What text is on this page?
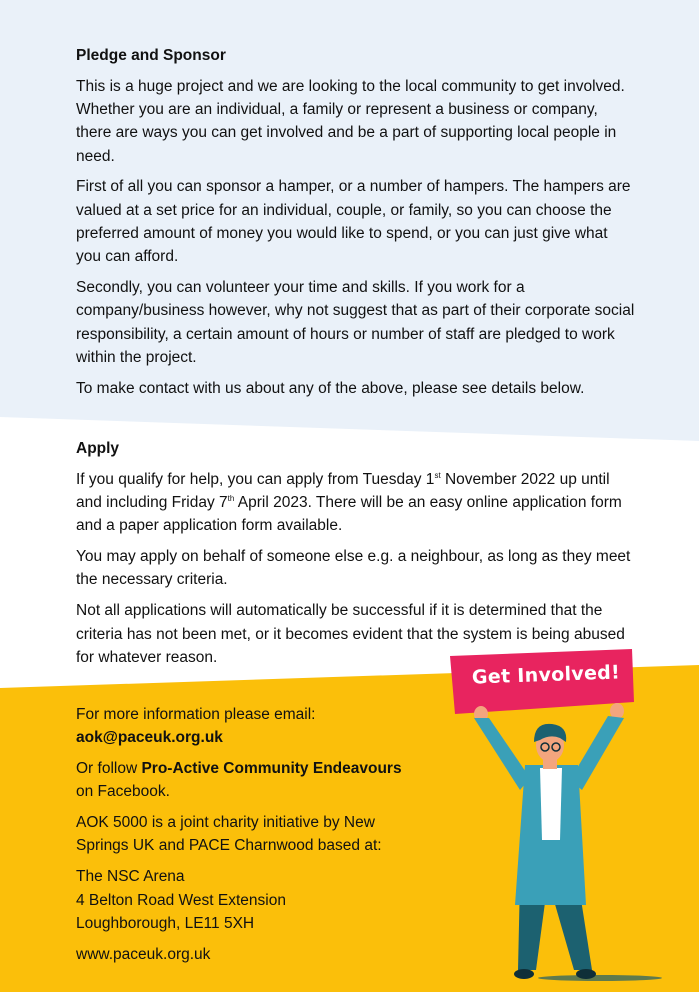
Pledge and Sponsor

This is a huge project and we are looking to the local community to get involved. Whether you are an individual, a family or represent a business or company, there are ways you can get involved and be a part of supporting local people in need.

First of all you can sponsor a hamper, or a number of hampers. The hampers are valued at a set price for an individual, couple, or family, so you can choose the preferred amount of money you would like to spend, or you can just give what you can afford.

Secondly, you can volunteer your time and skills. If you work for a company/business however, why not suggest that as part of their corporate social responsibility, a certain amount of hours or number of staff are pledged to work within the project.

To make contact with us about any of the above, please see details below.

Apply

If you qualify for help, you can apply from Tuesday 1st November 2022 up until and including Friday 7th April 2023. There will be an easy online application form and a paper application form available.

You may apply on behalf of someone else e.g. a neighbour, as long as they meet the necessary criteria.

Not all applications will automatically be successful if it is determined that the criteria has not been met, or it becomes evident that the system is being abused for whatever reason.

For more information please email:
aok@paceuk.org.uk

Or follow Pro-Active Community Endeavours
on Facebook.

AOK 5000 is a joint charity initiative by New Springs UK and PACE Charnwood based at:

The NSC Arena
4 Belton Road West Extension
Loughborough, LE11 5XH

www.paceuk.org.uk

Get Involved!
